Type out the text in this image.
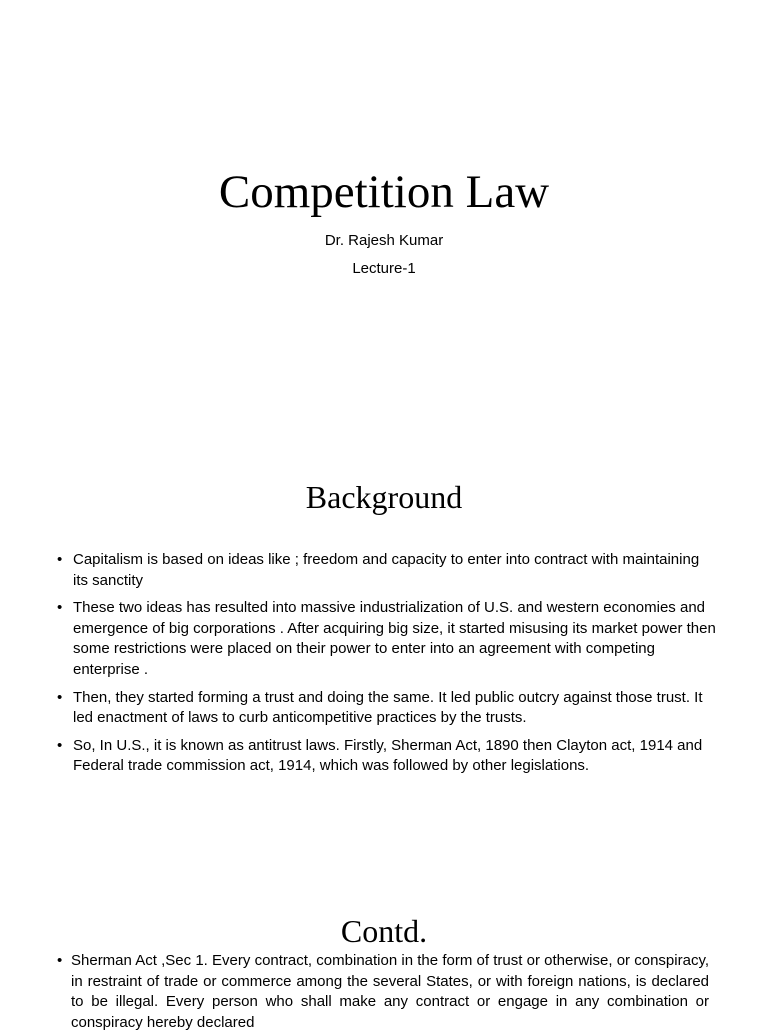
Competition Law
Dr. Rajesh Kumar
Lecture-1
Background
• Capitalism is based on ideas like ; freedom and capacity to enter into contract with maintaining its sanctity
• These two ideas has resulted into massive industrialization of U.S. and western economies and emergence of big corporations . After acquiring big size, it started misusing its market power then some restrictions were placed on their power to enter into an agreement with competing enterprise .
• Then, they started forming a trust and doing the same. It led public outcry against those trust. It led enactment of laws to curb anticompetitive practices by the trusts.
• So, In U.S., it is known as antitrust laws. Firstly, Sherman Act, 1890 then Clayton act, 1914 and Federal trade commission act, 1914, which was followed by other legislations.
Contd.
• Sherman Act ,Sec 1. Every contract, combination in the form of trust or otherwise, or conspiracy, in restraint of trade or commerce among the several States, or with foreign nations, is declared to be illegal. Every person who shall make any contract or engage in any combination or conspiracy hereby declared
